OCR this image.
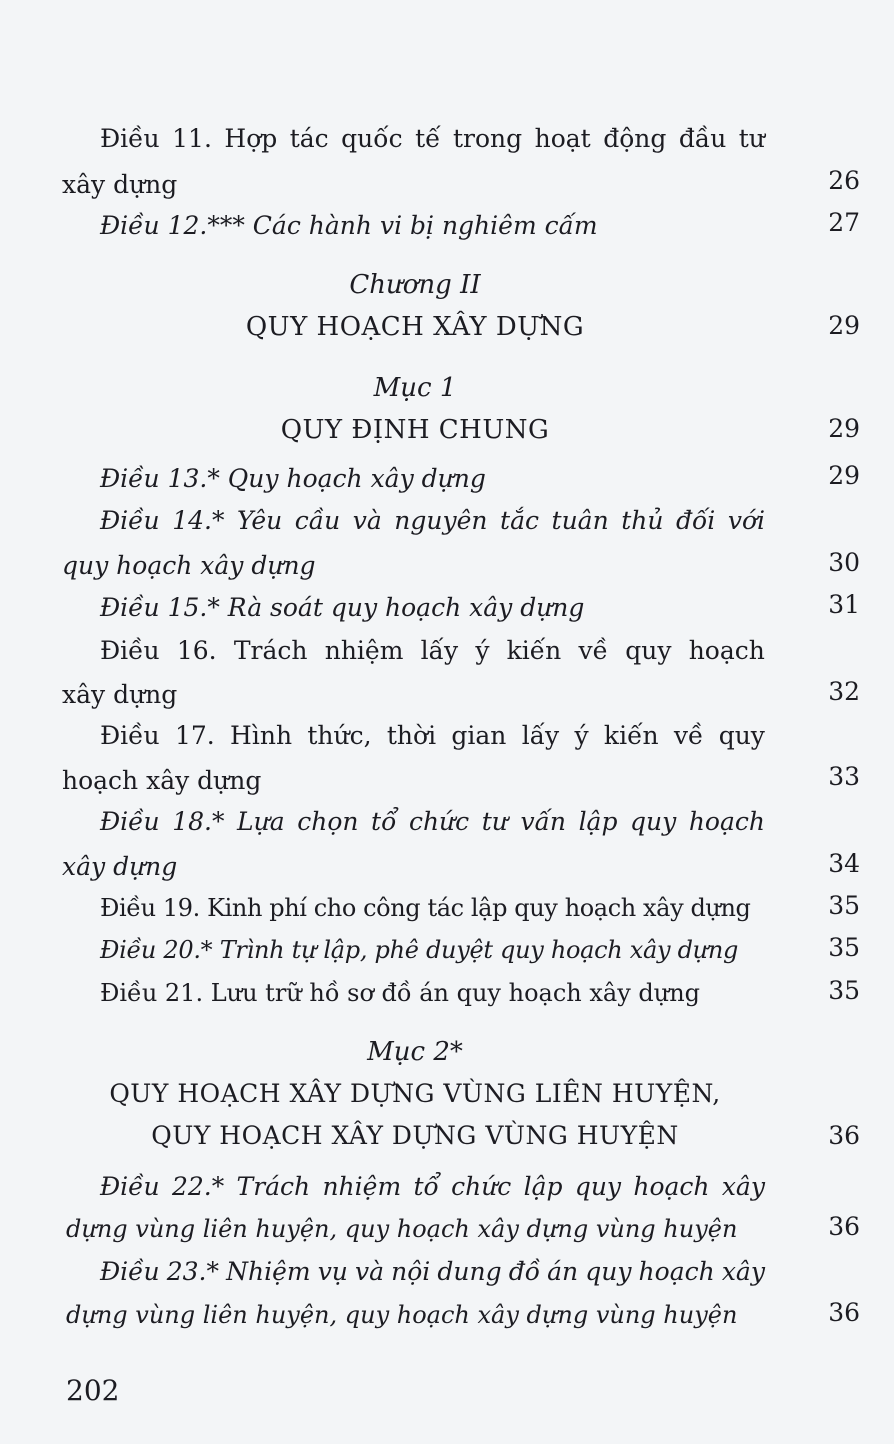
Điều 11. Hợp tác quốc tế trong hoạt động đầu tư
xây dựng	26
Điều 12.*** Các hành vi bị nghiêm cấm	27
Chương II
QUY HOẠCH XÂY DỰNG	29
Mục 1
QUY ĐỊNH CHUNG	29
Điều 13.* Quy hoạch xây dựng	29
Điều 14.* Yêu cầu và nguyên tắc tuân thủ đối với
quy hoạch xây dựng	30
Điều 15.* Rà soát quy hoạch xây dựng	31
Điều 16. Trách nhiệm lấy ý kiến về quy hoạch
xây dựng	32
Điều 17. Hình thức, thời gian lấy ý kiến về quy
hoạch xây dựng	33
Điều 18.* Lựa chọn tổ chức tư vấn lập quy hoạch
xây dựng	34
Điều 19. Kinh phí cho công tác lập quy hoạch xây dựng	35
Điều 20.* Trình tự lập, phê duyệt quy hoạch xây dựng	35
Điều 21. Lưu trữ hồ sơ đồ án quy hoạch xây dựng	35
Mục 2*
QUY HOẠCH XÂY DỰNG VÙNG LIÊN HUYỆN,
QUY HOẠCH XÂY DỰNG VÙNG HUYỆN	36
Điều 22.* Trách nhiệm tổ chức lập quy hoạch xây
dựng vùng liên huyện, quy hoạch xây dựng vùng huyện	36
Điều 23.* Nhiệm vụ và nội dung đồ án quy hoạch xây
dựng vùng liên huyện, quy hoạch xây dựng vùng huyện	36
202
